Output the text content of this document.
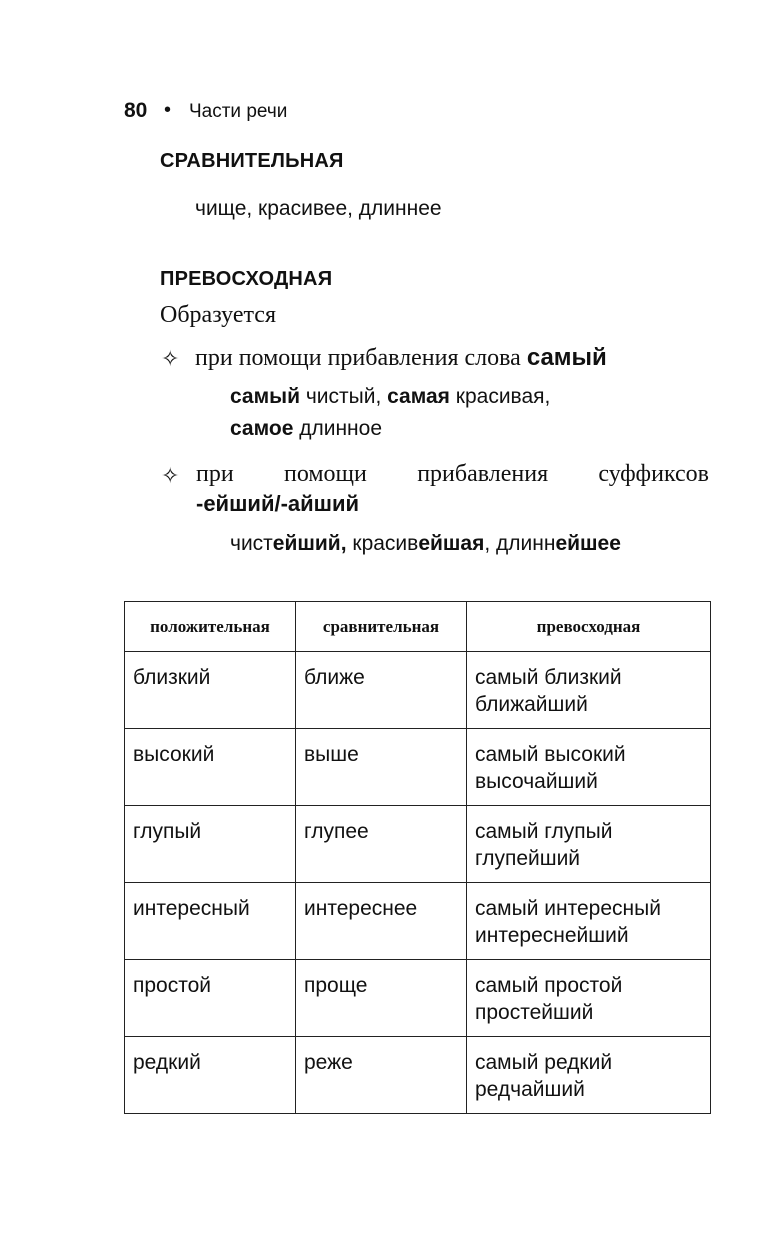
80 • Части речи
СРАВНИТЕЛЬНАЯ
чище, красивее, длиннее
ПРЕВОСХОДНАЯ
Образуется
✧ при помощи прибавления слова самый
самый чистый, самая красивая,
самое длинное
✧ при помощи прибавления суффиксов
-ейший/-айший
чистейший, красивейшая, длиннейшее
положительная	сравнительная	превосходная
близкий	ближе	самый близкий
ближайший

высокий	выше	самый высокий
высочайший

глупый	глупее	самый глупый
глупейший

интересный	интереснее	самый интересный
интереснейший

простой	проще	самый простой
простейший

редкий	реже	самый редкий
редчайший
